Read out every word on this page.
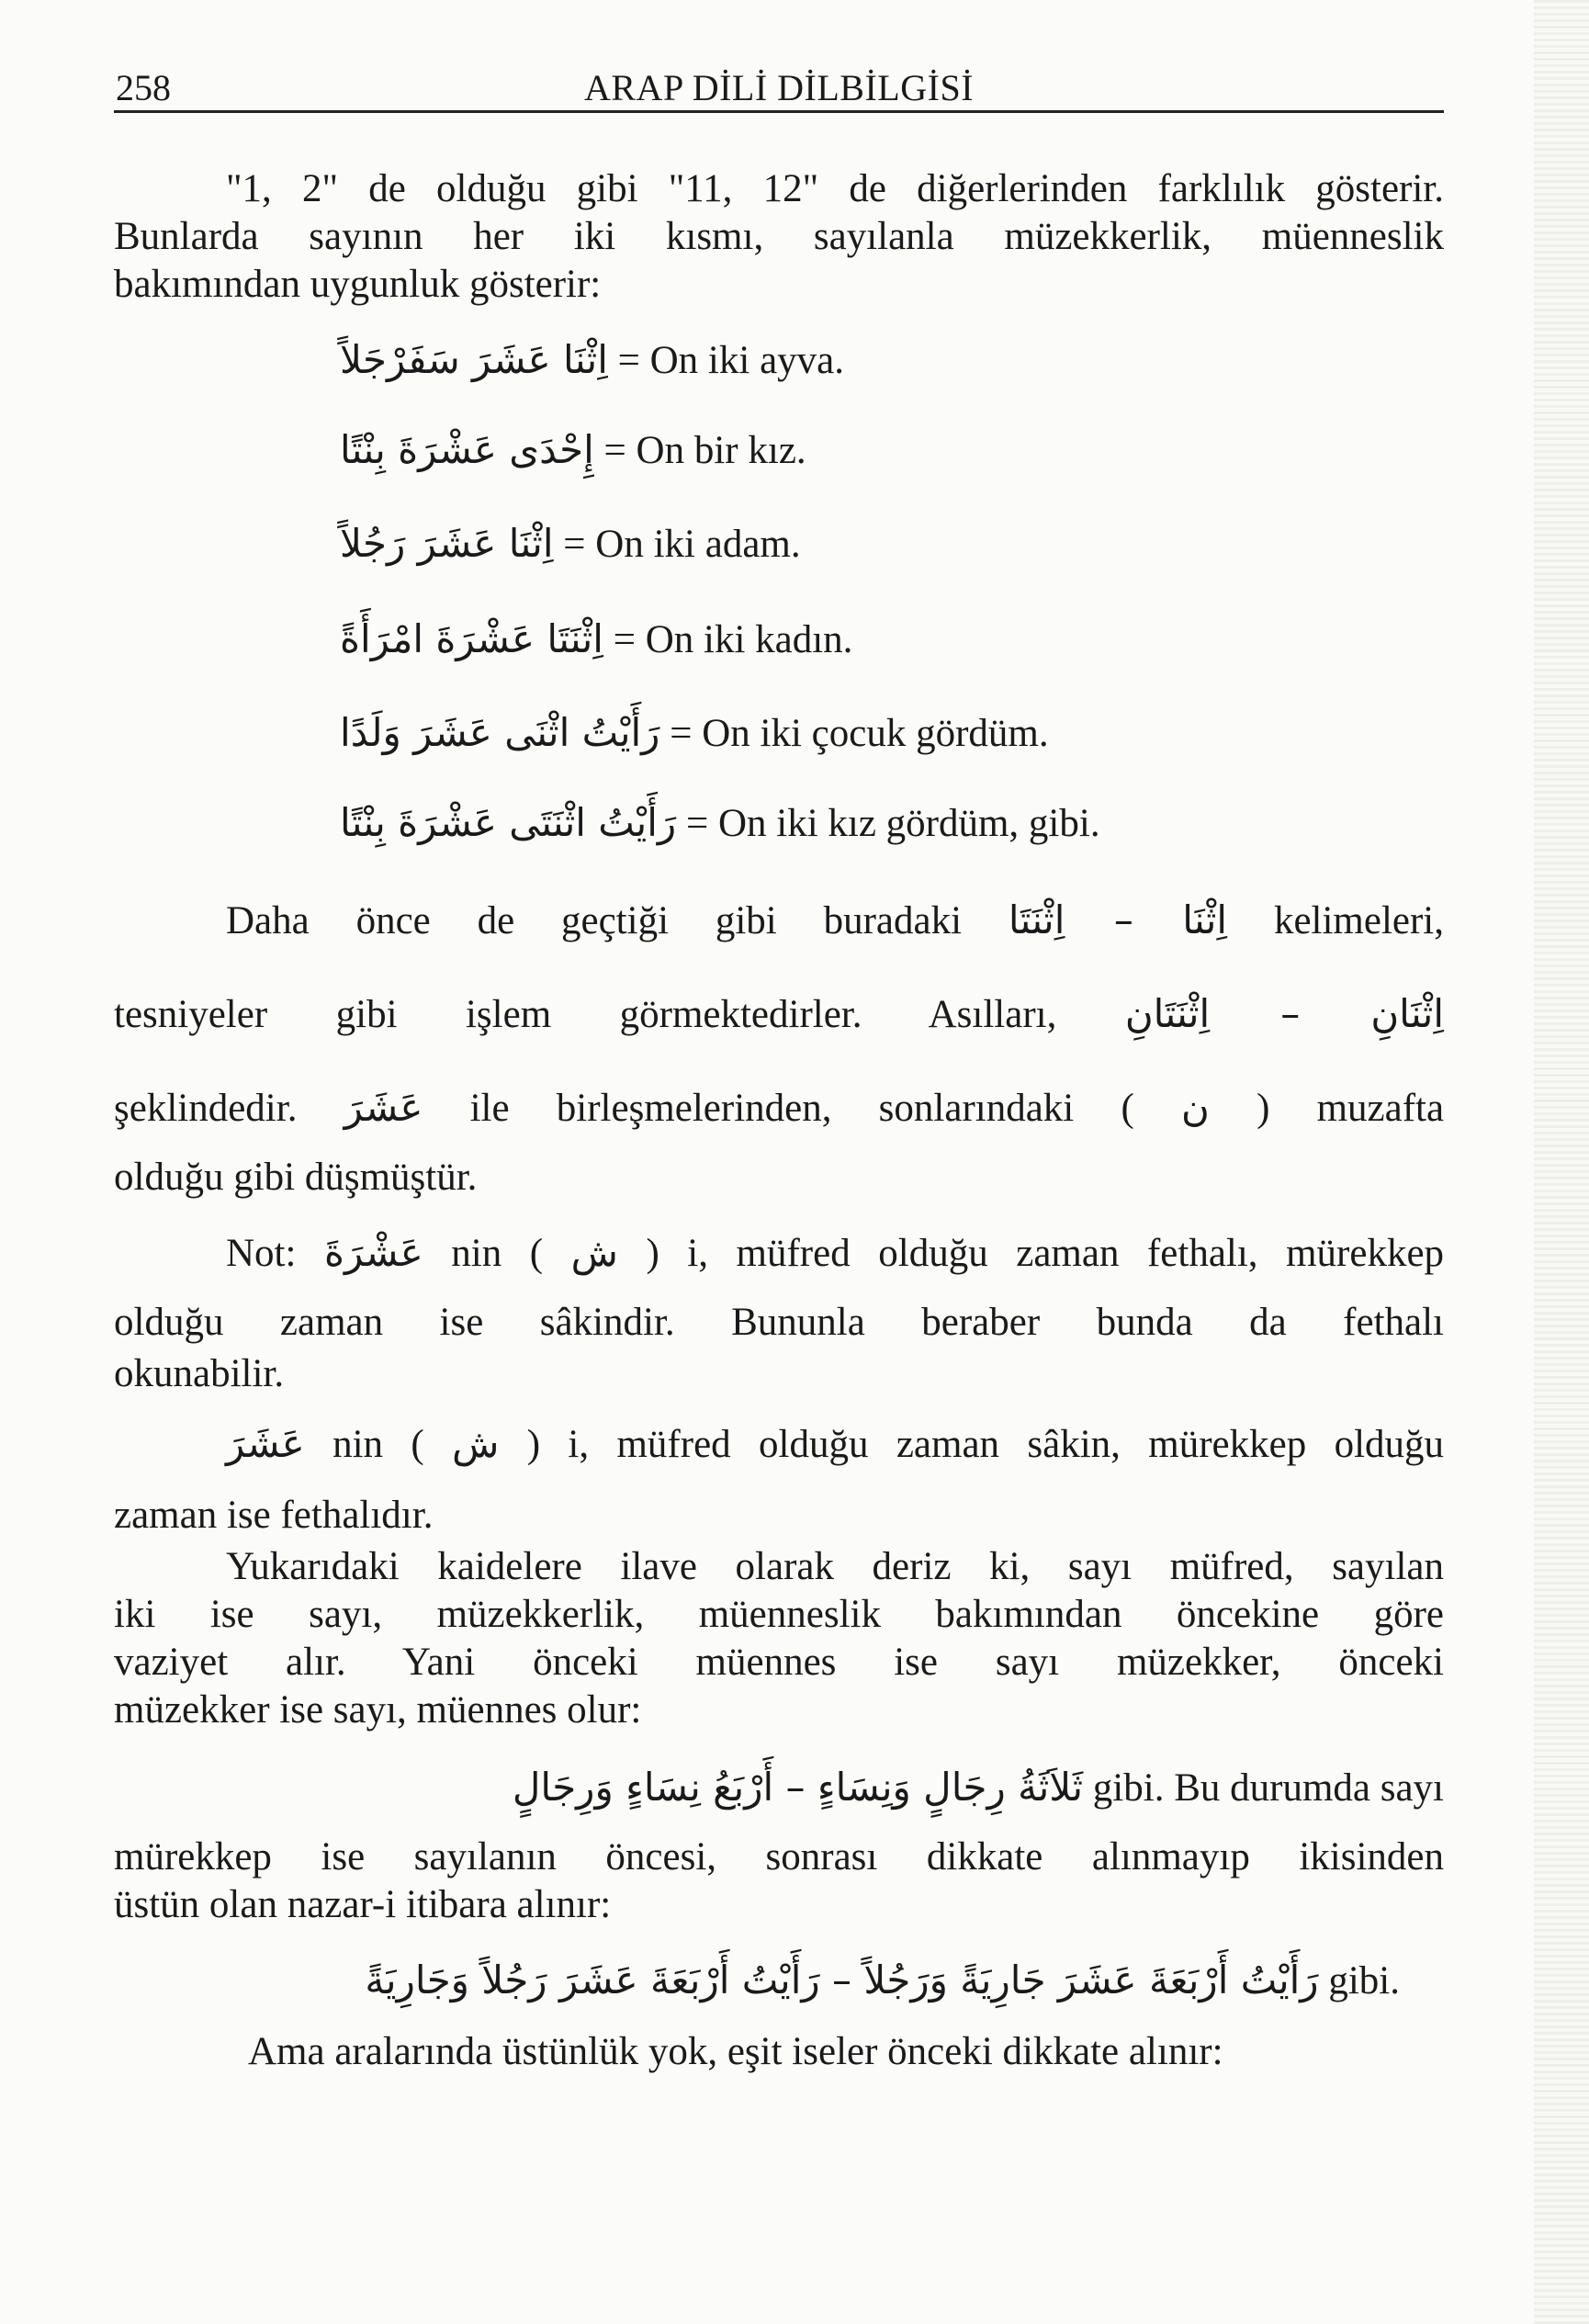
258	ARAP DİLİ DİLBİLGİSİ
"1, 2" de olduğu gibi "11, 12" de diğerlerinden farklılık gösterir.
Bunlarda sayının her iki kısmı, sayılanla müzekkerlik, müenneslik
bakımından uygunluk gösterir:
اِثْنَا عَشَرَ سَفَرْجَلاً = On iki ayva.
إِحْدَى عَشْرَةَ بِنْتًا = On bir kız.
اِثْنَا عَشَرَ رَجُلاً = On iki adam.
اِثْنَتَا عَشْرَةَ امْرَأَةً = On iki kadın.
رَأَيْتُ اثْنَى عَشَرَ وَلَدًا = On iki çocuk gördüm.
رَأَيْتُ اثْنَتَى عَشْرَةَ بِنْتًا = On iki kız gördüm, gibi.
Daha önce de geçtiği gibi buradaki اِثْنَا – اِثْنَتَا kelimeleri,
tesniyeler gibi işlem görmektedirler. Asılları, اِثْنَانِ – اِثْنَتَانِ
şeklindedir. عَشَرَ ile birleşmelerinden, sonlarındaki ( ن ) muzafta
olduğu gibi düşmüştür.
Not: عَشْرَةَ nin ( ش ) i, müfred olduğu zaman fethalı, mürekkep
olduğu zaman ise sâkindir. Bununla beraber bunda da fethalı
okunabilir.
عَشَرَ nin ( ش ) i, müfred olduğu zaman sâkin, mürekkep olduğu
zaman ise fethalıdır.
Yukarıdaki kaidelere ilave olarak deriz ki, sayı müfred, sayılan
iki ise sayı, müzekkerlik, müenneslik bakımından öncekine göre
vaziyet alır. Yani önceki müennes ise sayı müzekker, önceki
müzekker ise sayı, müennes olur:
ثَلاَثَةُ رِجَالٍ وَنِسَاءٍ – أَرْبَعُ نِسَاءٍ وَرِجَالٍ gibi. Bu durumda sayı
mürekkep ise sayılanın öncesi, sonrası dikkate alınmayıp ikisinden
üstün olan nazar-i itibara alınır:
رَأَيْتُ أَرْبَعَةَ عَشَرَ جَارِيَةً وَرَجُلاً – رَأَيْتُ أَرْبَعَةَ عَشَرَ رَجُلاً وَجَارِيَةً gibi.
Ama aralarında üstünlük yok, eşit iseler önceki dikkate alınır:
